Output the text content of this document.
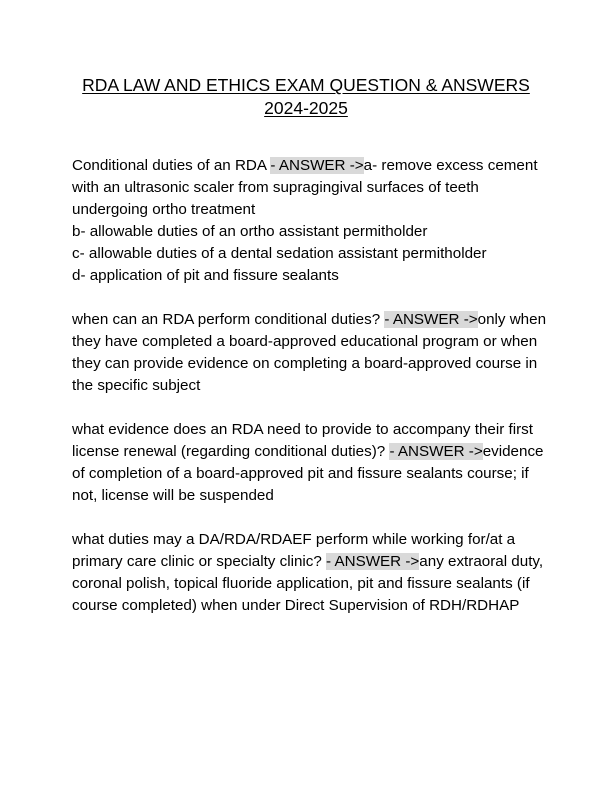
RDA LAW AND ETHICS EXAM QUESTION & ANSWERS
2024-2025
Conditional duties of an RDA - ANSWER ->a- remove excess cement with an ultrasonic scaler from supragingival surfaces of teeth undergoing ortho treatment
b- allowable duties of an ortho assistant permitholder
c- allowable duties of a dental sedation assistant permitholder
d- application of pit and fissure sealants
when can an RDA perform conditional duties? - ANSWER ->only when they have completed a board-approved educational program or when they can provide evidence on completing a board-approved course in the specific subject
what evidence does an RDA need to provide to accompany their first license renewal (regarding conditional duties)? - ANSWER ->evidence of completion of a board-approved pit and fissure sealants course; if not, license will be suspended
what duties may a DA/RDA/RDAEF perform while working for/at a primary care clinic or specialty clinic? - ANSWER ->any extraoral duty, coronal polish, topical fluoride application, pit and fissure sealants (if course completed) when under Direct Supervision of RDH/RDHAP
